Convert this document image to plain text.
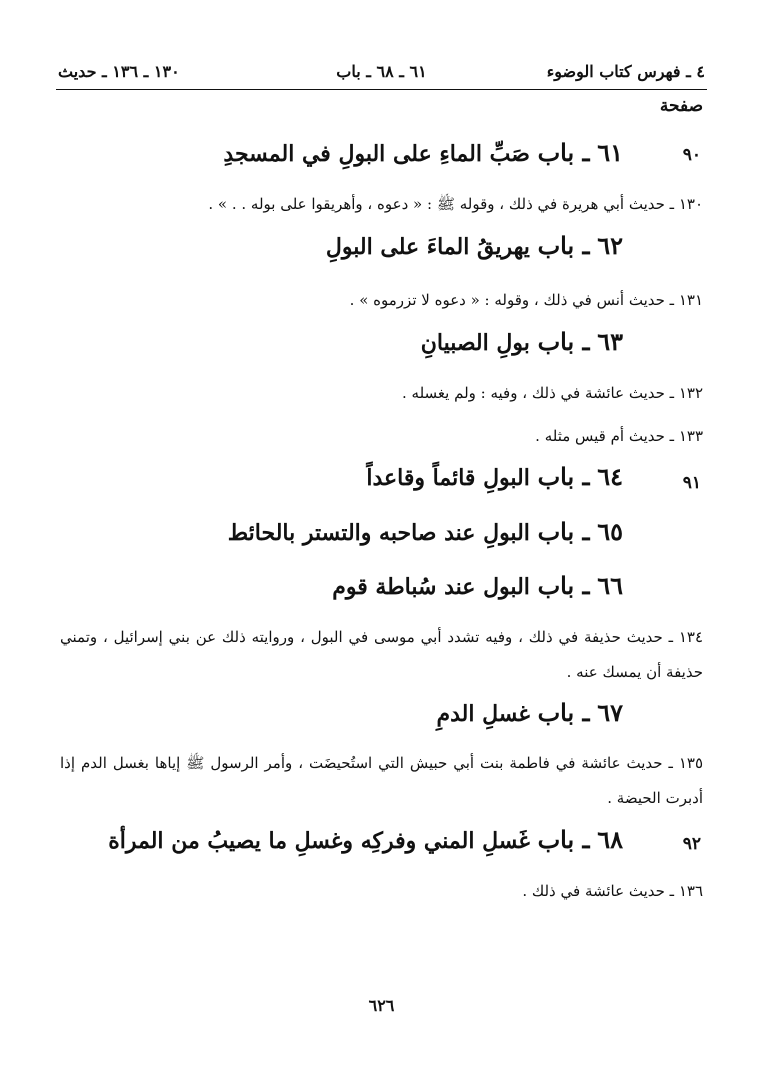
٤ ـ فهرس كتاب الوضوء
٦١ ـ ٦٨ ـ باب
١٣٠ ـ ١٣٦ ـ حديث
صفحة
٩٠
٦١ ـ باب صَبِّ الماءِ على البولِ في المسجدِ
١٣٠ ـ حديث أبي هريرة في ذلك ، وقوله ﷺ : « دعوه ، وأهريقوا على بوله . . » .
٦٢ ـ باب يهريقُ الماءَ على البولِ
١٣١ ـ حديث أنس في ذلك ، وقوله : « دعوه لا تزرموه » .
٦٣ ـ باب بولِ الصبيانِ
١٣٢ ـ حديث عائشة في ذلك ، وفيه : ولم يغسله .
١٣٣ ـ حديث أم قيس مثله .
٩١
٦٤ ـ باب البولِ قائماً وقاعداً
٦٥ ـ باب البولِ عند صاحبه والتستر بالحائط
٦٦ ـ باب البول عند سُباطة قوم
١٣٤ ـ حديث حذيفة في ذلك ، وفيه تشدد أبي موسى في البول ، وروايته ذلك عن بني إسرائيل ، وتمني حذيفة أن يمسك عنه .
٦٧ ـ باب غسلِ الدمِ
١٣٥ ـ حديث عائشة في فاطمة بنت أبي حبيش التي استُحيضَت ، وأمر الرسول ﷺ إياها بغسل الدم إذا أدبرت الحيضة .
٩٢
٦٨ ـ باب غَسلِ المني وفركِه وغسلِ ما يصيبُ من المرأة
١٣٦ ـ حديث عائشة في ذلك .
٦٢٦
